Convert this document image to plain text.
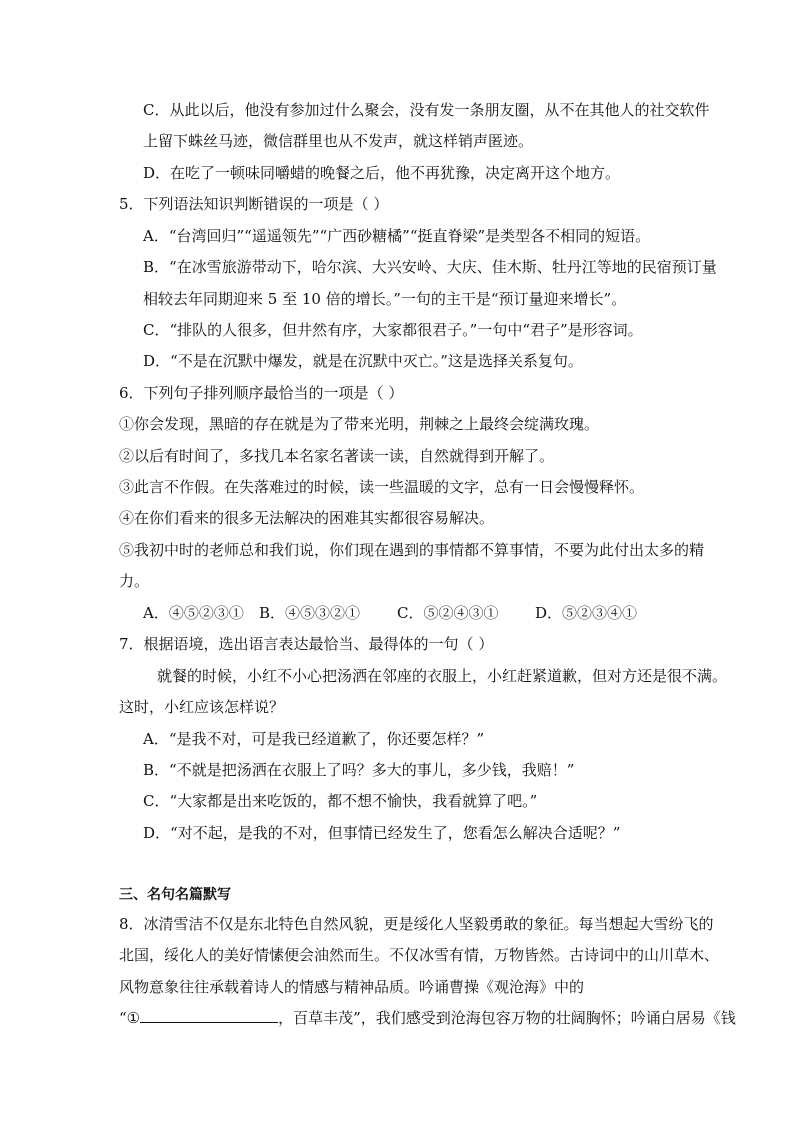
C．从此以后，他没有参加过什么聚会，没有发一条朋友圈，从不在其他人的社交软件
上留下蛛丝马迹，微信群里也从不发声，就这样销声匿迹。
D．在吃了一顿味同嚼蜡的晚餐之后，他不再犹豫，决定离开这个地方。
5．下列语法知识判断错误的一项是（ ）
A．“台湾回归”“遥遥领先”“广西砂糖橘”“挺直脊梁”是类型各不相同的短语。
B．“在冰雪旅游带动下，哈尔滨、大兴安岭、大庆、佳木斯、牡丹江等地的民宿预订量
相较去年同期迎来 5 至 10 倍的增长。”一句的主干是“预订量迎来增长”。
C．“排队的人很多，但井然有序，大家都很君子。”一句中“君子”是形容词。
D．“不是在沉默中爆发，就是在沉默中灭亡。”这是选择关系复句。
6．下列句子排列顺序最恰当的一项是（ ）
①你会发现，黑暗的存在就是为了带来光明，荆棘之上最终会绽满玫瑰。
②以后有时间了，多找几本名家名著读一读，自然就得到开解了。
③此言不作假。在失落难过的时候，读一些温暖的文字，总有一日会慢慢释怀。
④在你们看来的很多无法解决的困难其实都很容易解决。
⑤我初中时的老师总和我们说，你们现在遇到的事情都不算事情，不要为此付出太多的精
力。
A．④⑤②③① B．④⑤③②① C．⑤②④③① D．⑤②③④①
7．根据语境，选出语言表达最恰当、最得体的一句（ ）
就餐的时候，小红不小心把汤洒在邻座的衣服上，小红赶紧道歉，但对方还是很不满。
这时，小红应该怎样说？
A．“是我不对，可是我已经道歉了，你还要怎样？”
B．“不就是把汤洒在衣服上了吗？多大的事儿，多少钱，我赔！”
C．“大家都是出来吃饭的，都不想不愉快，我看就算了吧。”
D．“对不起，是我的不对，但事情已经发生了，您看怎么解决合适呢？”
三、名句名篇默写
8．冰清雪洁不仅是东北特色自然风貌，更是绥化人坚毅勇敢的象征。每当想起大雪纷飞的
北国，绥化人的美好情愫便会油然而生。不仅冰雪有情，万物皆然。古诗词中的山川草木、
风物意象往往承载着诗人的情感与精神品质。吟诵曹操《观沧海》中的
“①	，百草丰茂”，我们感受到沧海包容万物的壮阔胸怀；吟诵白居易《钱
